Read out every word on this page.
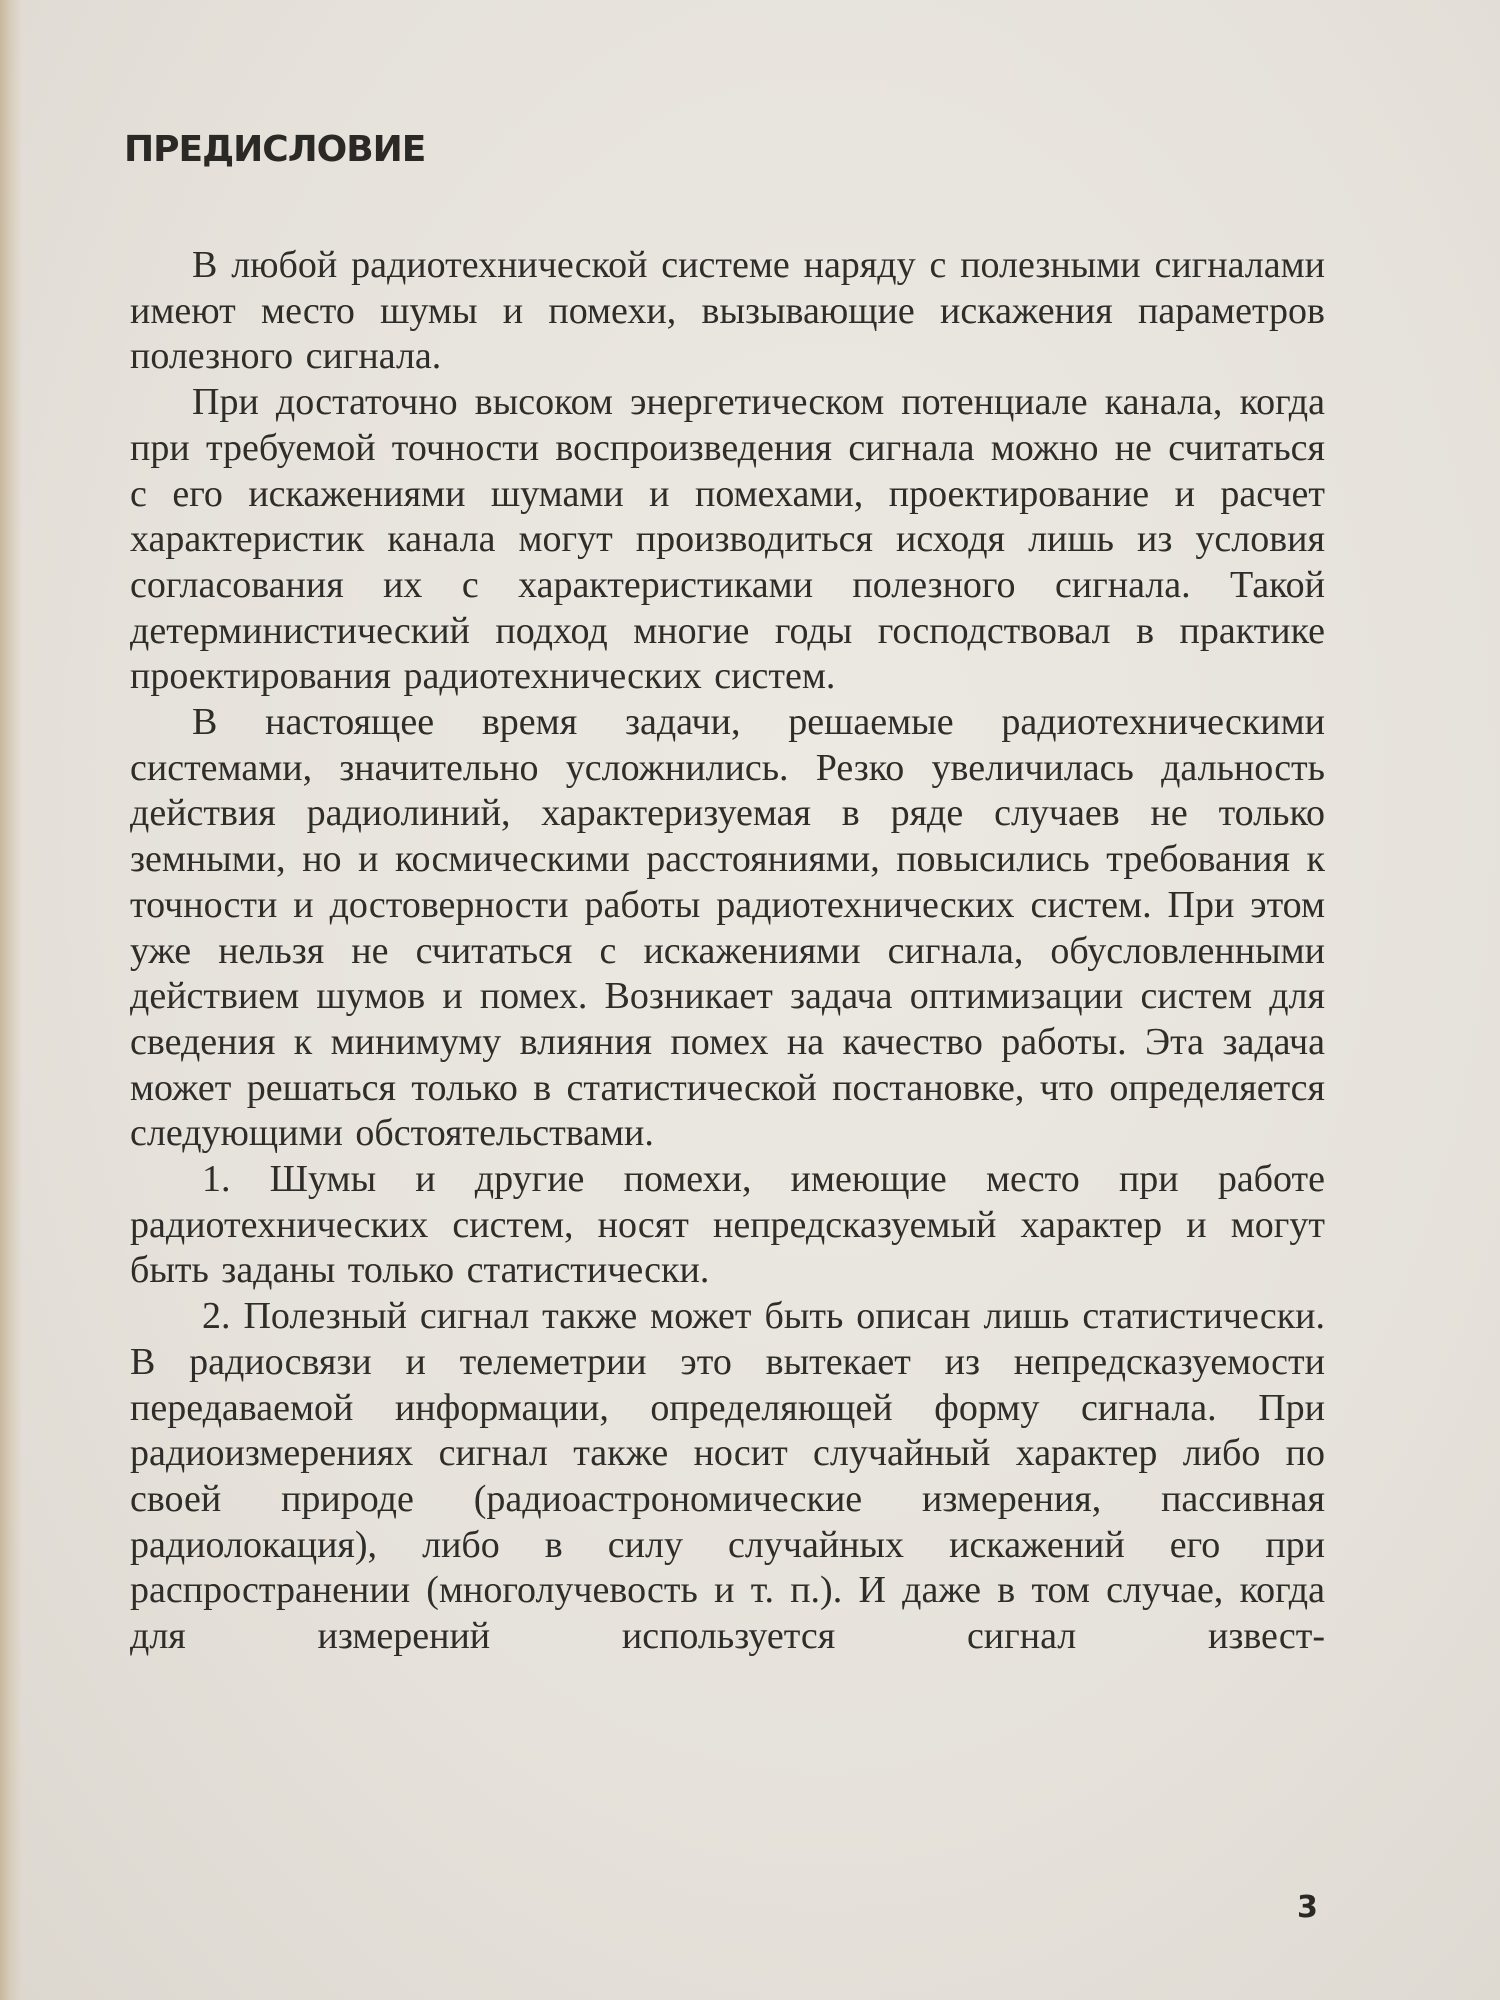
ПРЕДИСЛОВИЕ

В любой радиотехнической системе наряду с полезными сигналами имеют место шумы и помехи, вызывающие искажения параметров полезного сигнала.

При достаточно высоком энергетическом потенциале канала, когда при требуемой точности воспроизведения сигнала можно не считаться с его искажениями шумами и помехами, проектирование и расчет характеристик канала могут производиться исходя лишь из условия согласования их с характеристиками полезного сигнала. Такой детерминистический подход многие годы господствовал в практике проектирования радиотехнических систем.

В настоящее время задачи, решаемые радиотехническими системами, значительно усложнились. Резко увеличилась дальность действия радиолиний, характеризуемая в ряде случаев не только земными, но и космическими расстояниями, повысились требования к точности и достоверности работы радиотехнических систем. При этом уже нельзя не считаться с искажениями сигнала, обусловленными действием шумов и помех. Возникает задача оптимизации систем для сведения к минимуму влияния помех на качество работы. Эта задача может решаться только в статистической постановке, что определяется следующими обстоятельствами.

1. Шумы и другие помехи, имеющие место при работе радиотехнических систем, носят непредсказуемый характер и могут быть заданы только статистически.

2. Полезный сигнал также может быть описан лишь статистически. В радиосвязи и телеметрии это вытекает из непредсказуемости передаваемой информации, определяющей форму сигнала. При радиоизмерениях сигнал также носит случайный характер либо по своей природе (радиоастрономические измерения, пассивная радиолокация), либо в силу случайных искажений его при распространении (многолучевость и т. п.). И даже в том случае, когда для измерений используется сигнал извест-

3
